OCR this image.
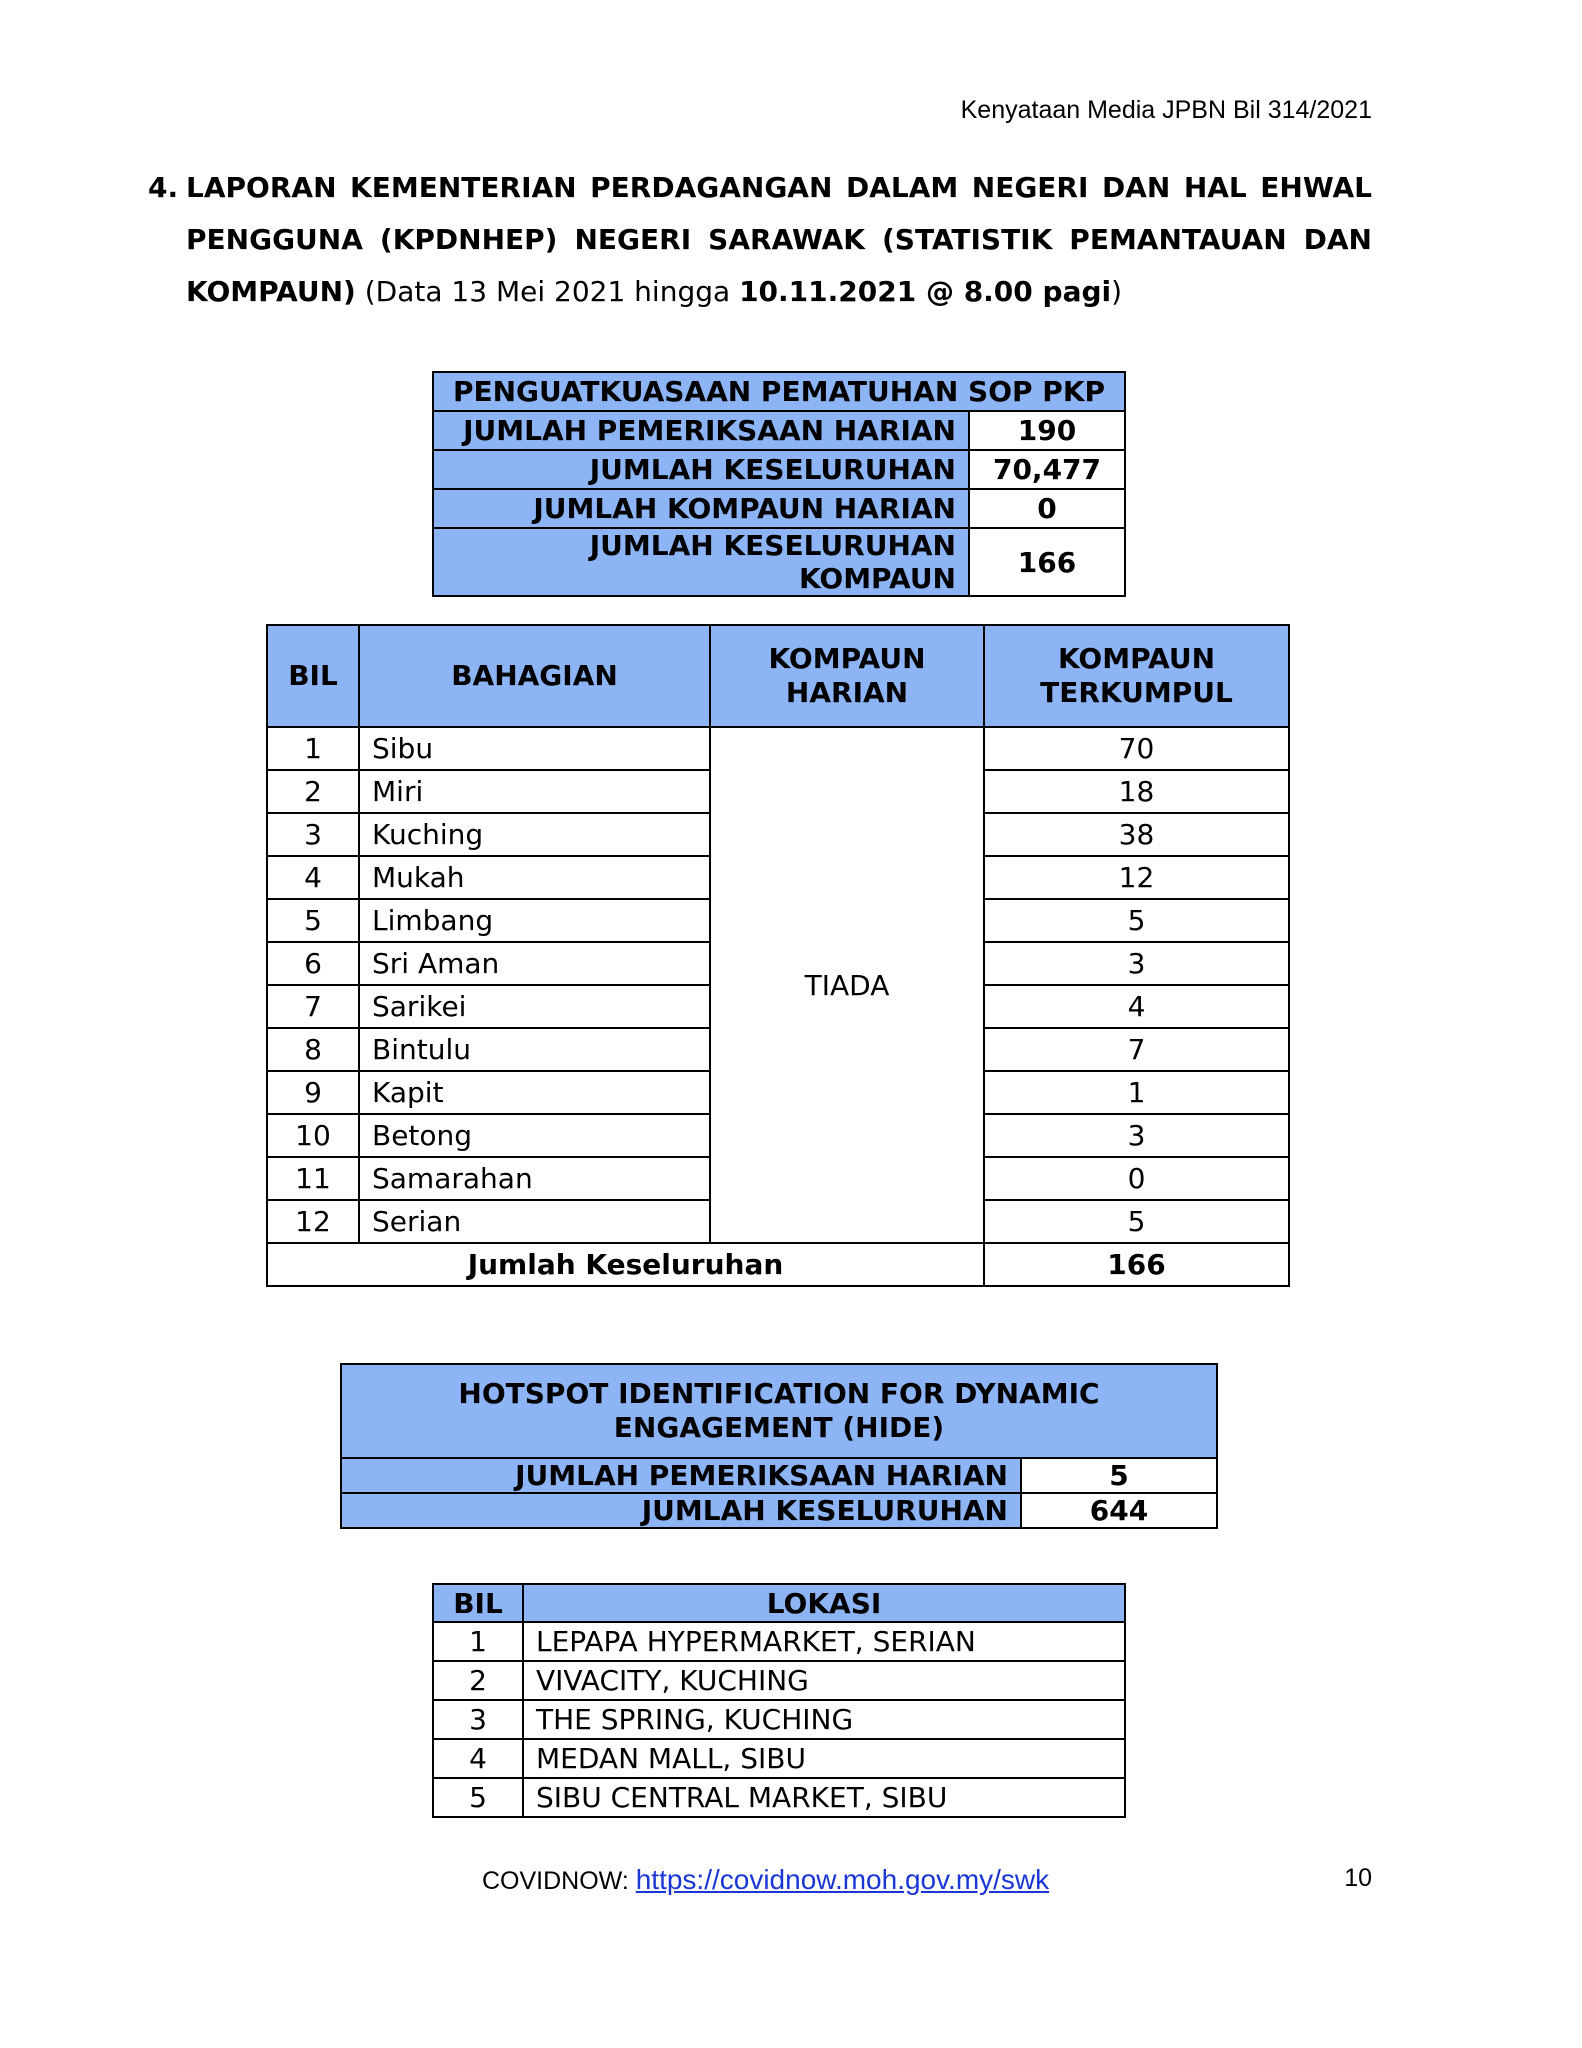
Kenyataan Media JPBN Bil 314/2021
4. LAPORAN KEMENTERIAN PERDAGANGAN DALAM NEGERI DAN HAL EHWAL
PENGGUNA (KPDNHEP) NEGERI SARAWAK (STATISTIK PEMANTAUAN DAN
KOMPAUN) (Data 13 Mei 2021 hingga 10.11.2021 @ 8.00 pagi)
PENGUATKUASAAN PEMATUHAN SOP PKP	
JUMLAH PEMERIKSAAN HARIAN	190
JUMLAH KESELURUHAN	70,477
JUMLAH KOMPAUN HARIAN	0
JUMLAH KESELURUHAN KOMPAUN	166
BIL	BAHAGIAN	KOMPAUN HARIAN	KOMPAUN TERKUMPUL
1	Sibu	TIADA	70
2	Miri		18
3	Kuching		38
4	Mukah		12
5	Limbang		5
6	Sri Aman		3
7	Sarikei		4
8	Bintulu		7
9	Kapit		1
10	Betong		3
11	Samarahan		0
12	Serian		5
Jumlah Keseluruhan			166
HOTSPOT IDENTIFICATION FOR DYNAMIC ENGAGEMENT (HIDE)	
JUMLAH PEMERIKSAAN HARIAN	5
JUMLAH KESELURUHAN	644
BIL	LOKASI
1	LEPAPA HYPERMARKET, SERIAN
2	VIVACITY, KUCHING
3	THE SPRING, KUCHING
4	MEDAN MALL, SIBU
5	SIBU CENTRAL MARKET, SIBU
COVIDNOW: https://covidnow.moh.gov.my/swk	10
